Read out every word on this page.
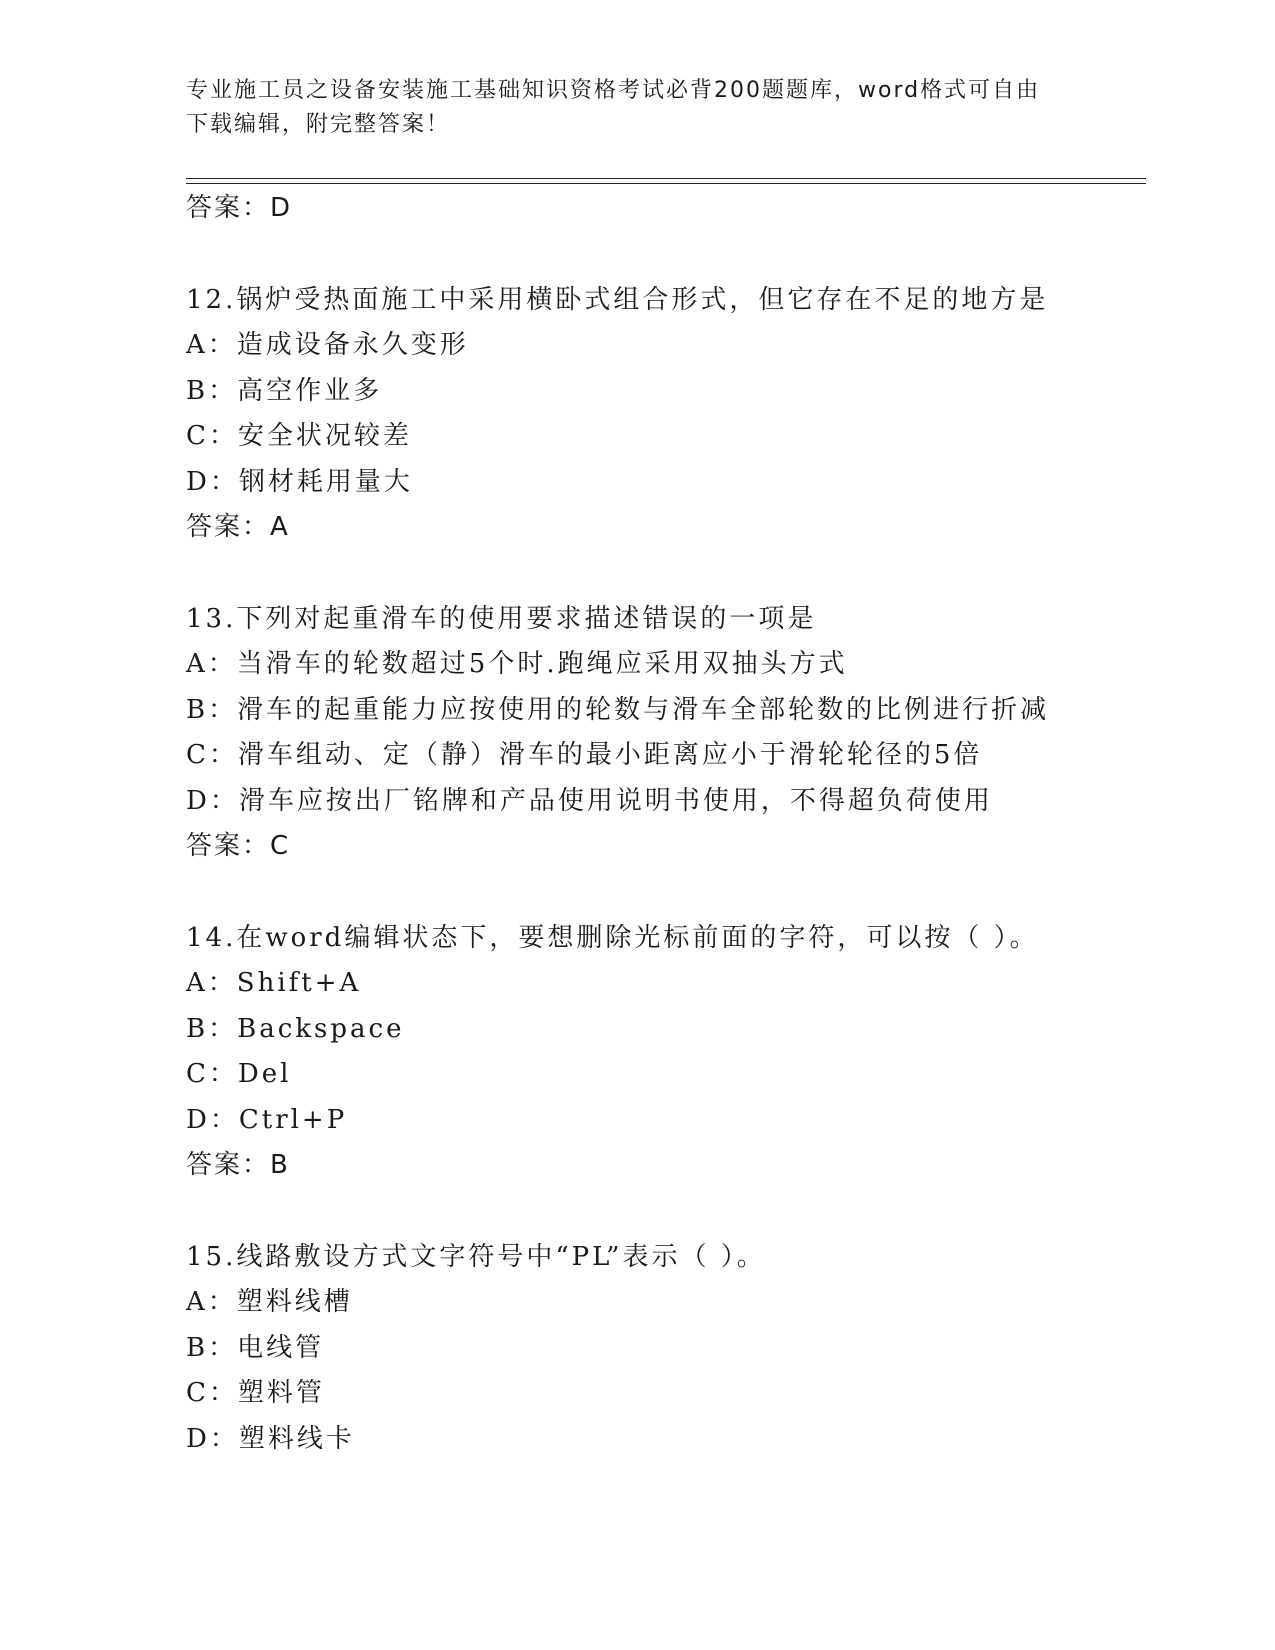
专业施工员之设备安装施工基础知识资格考试必背200题题库，word格式可自由
下载编辑，附完整答案！
答案：D
12.锅炉受热面施工中采用横卧式组合形式，但它存在不足的地方是
A：造成设备永久变形
B：高空作业多
C：安全状况较差
D：钢材耗用量大
答案：A
13.下列对起重滑车的使用要求描述错误的一项是
A：当滑车的轮数超过5个时.跑绳应采用双抽头方式
B：滑车的起重能力应按使用的轮数与滑车全部轮数的比例进行折减
C：滑车组动、定（静）滑车的最小距离应小于滑轮轮径的5倍
D：滑车应按出厂铭牌和产品使用说明书使用，不得超负荷使用
答案：C
14.在word编辑状态下，要想删除光标前面的字符，可以按（ ）。
A：Shift+A
B：Backspace
C：Del
D：Ctrl+P
答案：B
15.线路敷设方式文字符号中“PL”表示（ ）。
A：塑料线槽
B：电线管
C：塑料管
D：塑料线卡
